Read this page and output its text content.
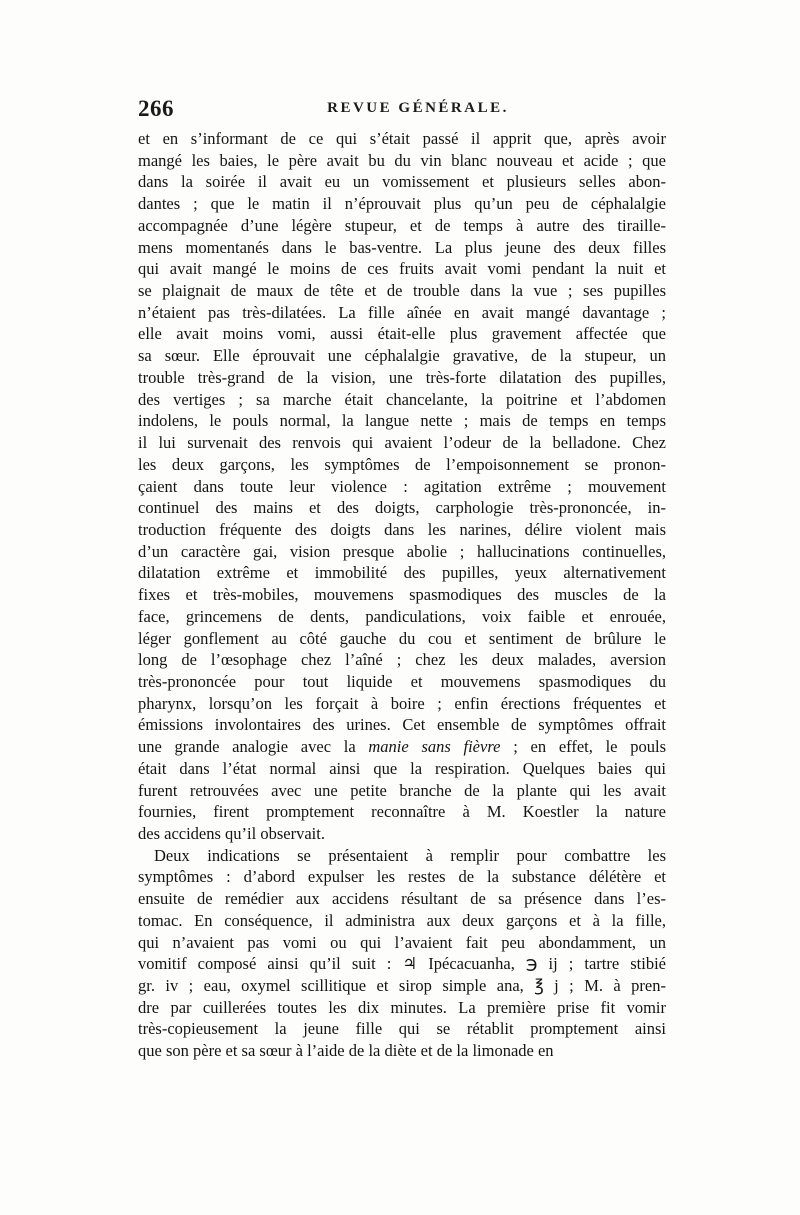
266	REVUE GÉNÉRALE.
et en s’informant de ce qui s’était passé il apprit que, après avoir
mangé les baies, le père avait bu du vin blanc nouveau et acide ; que
dans la soirée il avait eu un vomissement et plusieurs selles abon-
dantes ; que le matin il n’éprouvait plus qu’un peu de céphalalgie
accompagnée d’une légère stupeur, et de temps à autre des tiraille-
mens momentanés dans le bas-ventre. La plus jeune des deux filles
qui avait mangé le moins de ces fruits avait vomi pendant la nuit et
se plaignait de maux de tête et de trouble dans la vue ; ses pupilles
n’étaient pas très-dilatées. La fille aînée en avait mangé davantage ;
elle avait moins vomi, aussi était-elle plus gravement affectée que
sa sœur. Elle éprouvait une céphalalgie gravative, de la stupeur, un
trouble très-grand de la vision, une très-forte dilatation des pupilles,
des vertiges ; sa marche était chancelante, la poitrine et l’abdomen
indolens, le pouls normal, la langue nette ; mais de temps en temps
il lui survenait des renvois qui avaient l’odeur de la belladone. Chez
les deux garçons, les symptômes de l’empoisonnement se pronon-
çaient dans toute leur violence : agitation extrême ; mouvement
continuel des mains et des doigts, carphologie très-prononcée, in-
troduction fréquente des doigts dans les narines, délire violent mais
d’un caractère gai, vision presque abolie ; hallucinations continuelles,
dilatation extrême et immobilité des pupilles, yeux alternativement
fixes et très-mobiles, mouvemens spasmodiques des muscles de la
face, grincemens de dents, pandiculations, voix faible et enrouée,
léger gonflement au côté gauche du cou et sentiment de brûlure le
long de l’œsophage chez l’aîné ; chez les deux malades, aversion
très-prononcée pour tout liquide et mouvemens spasmodiques du
pharynx, lorsqu’on les forçait à boire ; enfin érections fréquentes et
émissions involontaires des urines. Cet ensemble de symptômes offrait
une grande analogie avec la manie sans fièvre ; en effet, le pouls
était dans l’état normal ainsi que la respiration. Quelques baies qui
furent retrouvées avec une petite branche de la plante qui les avait
fournies, firent promptement reconnaître à M. Koestler la nature
des accidens qu’il observait.
Deux indications se présentaient à remplir pour combattre les
symptômes : d’abord expulser les restes de la substance délétère et
ensuite de remédier aux accidens résultant de sa présence dans l’es-
tomac. En conséquence, il administra aux deux garçons et à la fille,
qui n’avaient pas vomi ou qui l’avaient fait peu abondamment, un
vomitif composé ainsi qu’il suit : ♃ Ipécacuanha, ℈ ij ; tartre stibié
gr. iv ; eau, oxymel scillitique et sirop simple ana, ℥ j ; M. à pren-
dre par cuillerées toutes les dix minutes. La première prise fit vomir
très-copieusement la jeune fille qui se rétablit promptement ainsi
que son père et sa sœur à l’aide de la diète et de la limonade en
